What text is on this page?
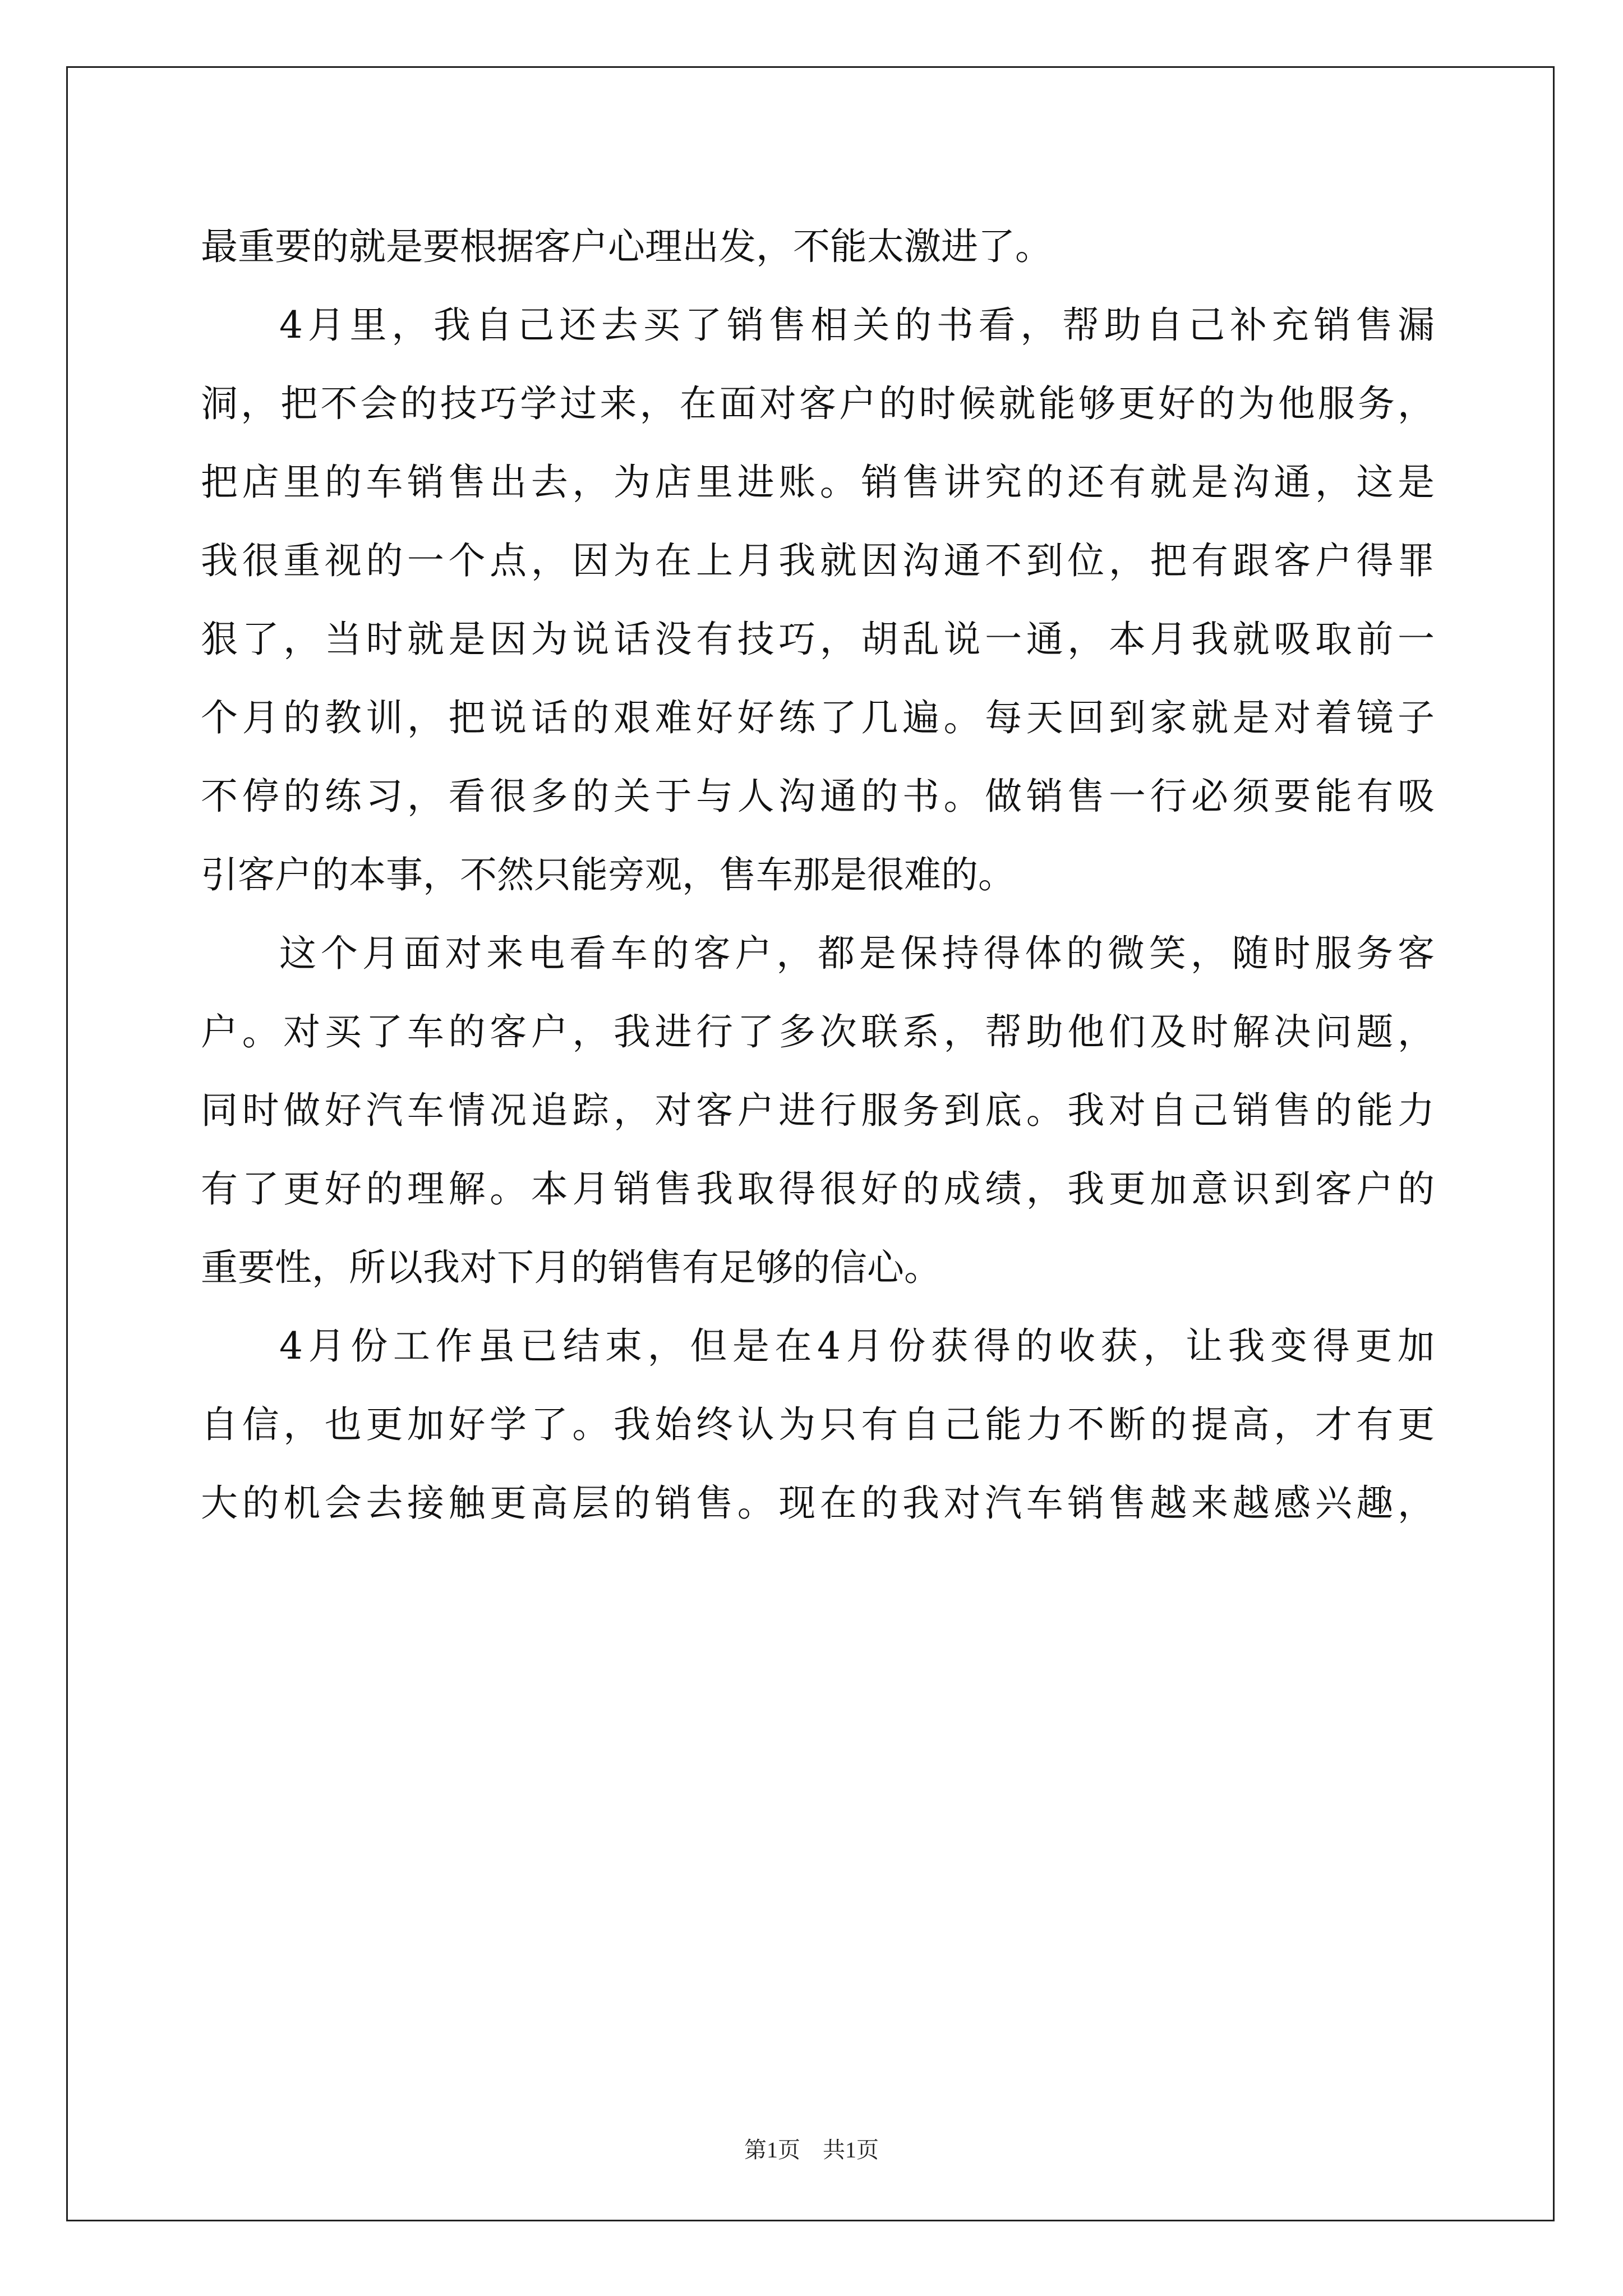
最重要的就是要根据客户心理出发，不能太激进了。

4月里，我自己还去买了销售相关的书看，帮助自己补充销售漏

洞，把不会的技巧学过来，在面对客户的时候就能够更好的为他服务，

把店里的车销售出去，为店里进账。销售讲究的还有就是沟通，这是

我很重视的一个点，因为在上月我就因沟通不到位，把有跟客户得罪

狠了，当时就是因为说话没有技巧，胡乱说一通，本月我就吸取前一

个月的教训，把说话的艰难好好练了几遍。每天回到家就是对着镜子

不停的练习，看很多的关于与人沟通的书。做销售一行必须要能有吸

引客户的本事，不然只能旁观，售车那是很难的。

这个月面对来电看车的客户，都是保持得体的微笑，随时服务客

户。对买了车的客户，我进行了多次联系，帮助他们及时解决问题，

同时做好汽车情况追踪，对客户进行服务到底。我对自己销售的能力

有了更好的理解。本月销售我取得很好的成绩，我更加意识到客户的

重要性，所以我对下月的销售有足够的信心。

4月份工作虽已结束，但是在4月份获得的收获，让我变得更加

自信，也更加好学了。我始终认为只有自己能力不断的提高，才有更

大的机会去接触更高层的销售。现在的我对汽车销售越来越感兴趣，

第1页　共1页
